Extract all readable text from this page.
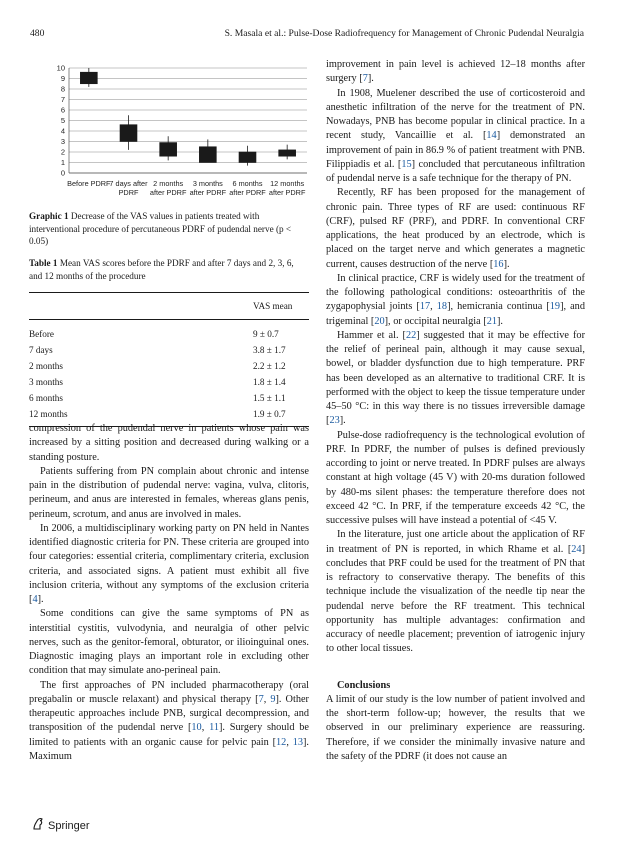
480	S. Masala et al.: Pulse-Dose Radiofrequency for Management of Chronic Pudendal Neuralgia
0
1
2
3
4
5
6
7
8
9
10
Before PDRF
7 days after
PDRF
2 months
after PDRF
3 months
after PDRF
6 months
after PDRF
12 months
after PDRF

Graphic 1 Decrease of the VAS values in patients treated with interventional procedure of percutaneous PDRF of pudendal nerve (p < 0.05)

Table 1 Mean VAS scores before the PDRF and after 7 days and 2, 3, 6, and 12 months of the procedure

	VAS mean
Before	9 ± 0.7
7 days	3.8 ± 1.7
2 months	2.2 ± 1.2
3 months	1.8 ± 1.4
6 months	1.5 ± 1.1
12 months	1.9 ± 0.7

compression of the pudendal nerve in patients whose pain was increased by a sitting position and decreased during walking or a standing posture.

Patients suffering from PN complain about chronic and intense pain in the distribution of pudendal nerve: vagina, vulva, clitoris, perineum, and anus are interested in females, whereas glans penis, perineum, scrotum, and anus are involved in males.

In 2006, a multidisciplinary working party on PN held in Nantes identified diagnostic criteria for PN. These criteria are grouped into four categories: essential criteria, complimentary criteria, exclusion criteria, and associated signs. A patient must exhibit all five inclusion criteria, without any symptoms of the exclusion criteria [4].

Some conditions can give the same symptoms of PN as interstitial cystitis, vulvodynia, and neuralgia of other pelvic nerves, such as the genitor-femoral, obturator, or ilioinguinal ones. Diagnostic imaging plays an important role in excluding other condition that may simulate ano-perineal pain.

The first approaches of PN included pharmacotherapy (oral pregabalin or muscle relaxant) and physical therapy [7, 9]. Other therapeutic approaches include PNB, surgical decompression, and transposition of the pudendal nerve [10, 11]. Surgery should be limited to patients with an organic cause for pelvic pain [12, 13]. Maximum

improvement in pain level is achieved 12–18 months after surgery [7].

In 1908, Muelener described the use of corticosteroid and anesthetic infiltration of the nerve for the treatment of PN. Nowadays, PNB has become popular in clinical practice. In a recent study, Vancaillie et al. [14] demonstrated an improvement of pain in 86.9 % of patient treatment with PNB. Filippiadis et al. [15] concluded that percutaneous infiltration of pudendal nerve is a safe technique for the therapy of PN.

Recently, RF has been proposed for the management of chronic pain. Three types of RF are used: continuous RF (CRF), pulsed RF (PRF), and PDRF. In conventional CRF applications, the heat produced by an electrode, which is placed on the target nerve and which generates a magnetic current, causes destruction of the nerve [16].

In clinical practice, CRF is widely used for the treatment of the following pathological conditions: osteoarthritis of the zygapophysial joints [17, 18], hemicrania continua [19], and trigeminal [20], or occipital neuralgia [21].

Hammer et al. [22] suggested that it may be effective for the relief of perineal pain, although it may cause sexual, bowel, or bladder dysfunction due to high temperature. PRF has been developed as an alternative to traditional CRF. It is performed with the object to keep the tissue temperature under 45–50 °C: in this way there is no tissues irreversible damage [23].

Pulse-dose radiofrequency is the technological evolution of PRF. In PDRF, the number of pulses is defined previously according to joint or nerve treated. In PDRF pulses are always constant at high voltage (45 V) with 20-ms duration followed by 480-ms silent phases: the temperature therefore does not exceed 42 °C. In PRF, if the temperature exceeds 42 °C, the successive pulses will have instead a potential of <45 V.

In the literature, just one article about the application of RF in treatment of PN is reported, in which Rhame et al. [24] concludes that PRF could be used for the treatment of PN that is refractory to conservative therapy. The benefits of this technique include the visualization of the needle tip near the pudendal nerve before the RF treatment. This technical opportunity has multiple advantages: confirmation and accuracy of needle placement; prevention of iatrogenic injury to other local tissues.

Conclusions

A limit of our study is the low number of patient involved and the short-term follow-up; however, the results that we observed in our preliminary experience are reassuring. Therefore, if we consider the minimally invasive nature and the safety of the PDRF (it does not cause an

Springer
